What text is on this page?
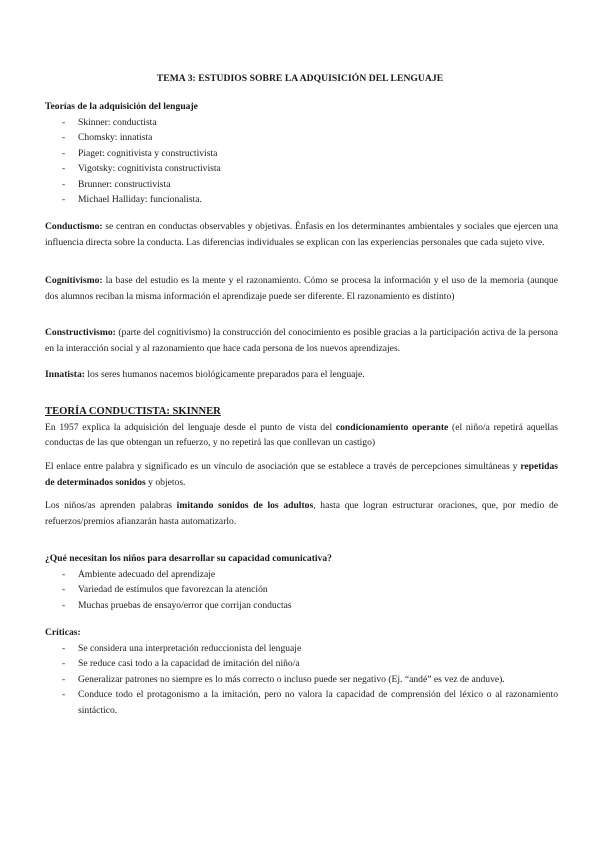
TEMA 3: ESTUDIOS SOBRE LA ADQUISICIÓN DEL LENGUAJE
Teorías de la adquisición del lenguaje
- Skinner: conductista
- Chomsky: innatista
- Piaget: cognitivista y constructivista
- Vigotsky: cognitivista constructivista
- Brunner: constructivista
- Michael Halliday: funcionalista.

Conductismo: se centran en conductas observables y objetivas. Énfasis en los determinantes ambientales y sociales que ejercen una influencia directa sobre la conducta. Las diferencias individuales se explican con las experiencias personales que cada sujeto vive.

Cognitivismo: la base del estudio es la mente y el razonamiento. Cómo se procesa la información y el uso de la memoria (aunque dos alumnos reciban la misma información el aprendizaje puede ser diferente. El razonamiento es distinto)

Constructivismo: (parte del cognitivismo) la construcción del conocimiento es posible gracias a la participación activa de la persona en la interacción social y al razonamiento que hace cada persona de los nuevos aprendizajes.

Innatista: los seres humanos nacemos biológicamente preparados para el lenguaje.

TEORÍA CONDUCTISTA: SKINNER

En 1957 explica la adquisición del lenguaje desde el punto de vista del condicionamiento operante (el niño/a repetirá aquellas conductas de las que obtengan un refuerzo, y no repetirá las que conllevan un castigo)

El enlace entre palabra y significado es un vínculo de asociación que se establece a través de percepciones simultáneas y repetidas de determinados sonidos y objetos.

Los niños/as aprenden palabras imitando sonidos de los adultos, hasta que logran estructurar oraciones, que, por medio de refuerzos/premios afianzarán hasta automatizarlo.

¿Qué necesitan los niños para desarrollar su capacidad comunicativa?
- Ambiente adecuado del aprendizaje
- Variedad de estímulos que favorezcan la atención
- Muchas pruebas de ensayo/error que corrijan conductas
Críticas:
- Se considera una interpretación reduccionista del lenguaje
- Se reduce casi todo a la capacidad de imitación del niño/a
- Generalizar patrones no siempre es lo más correcto o incluso puede ser negativo (Ej. “andé” es vez de anduve).
- Conduce todo el protagonismo a la imitación, pero no valora la capacidad de comprensión del léxico o al razonamiento sintáctico.
